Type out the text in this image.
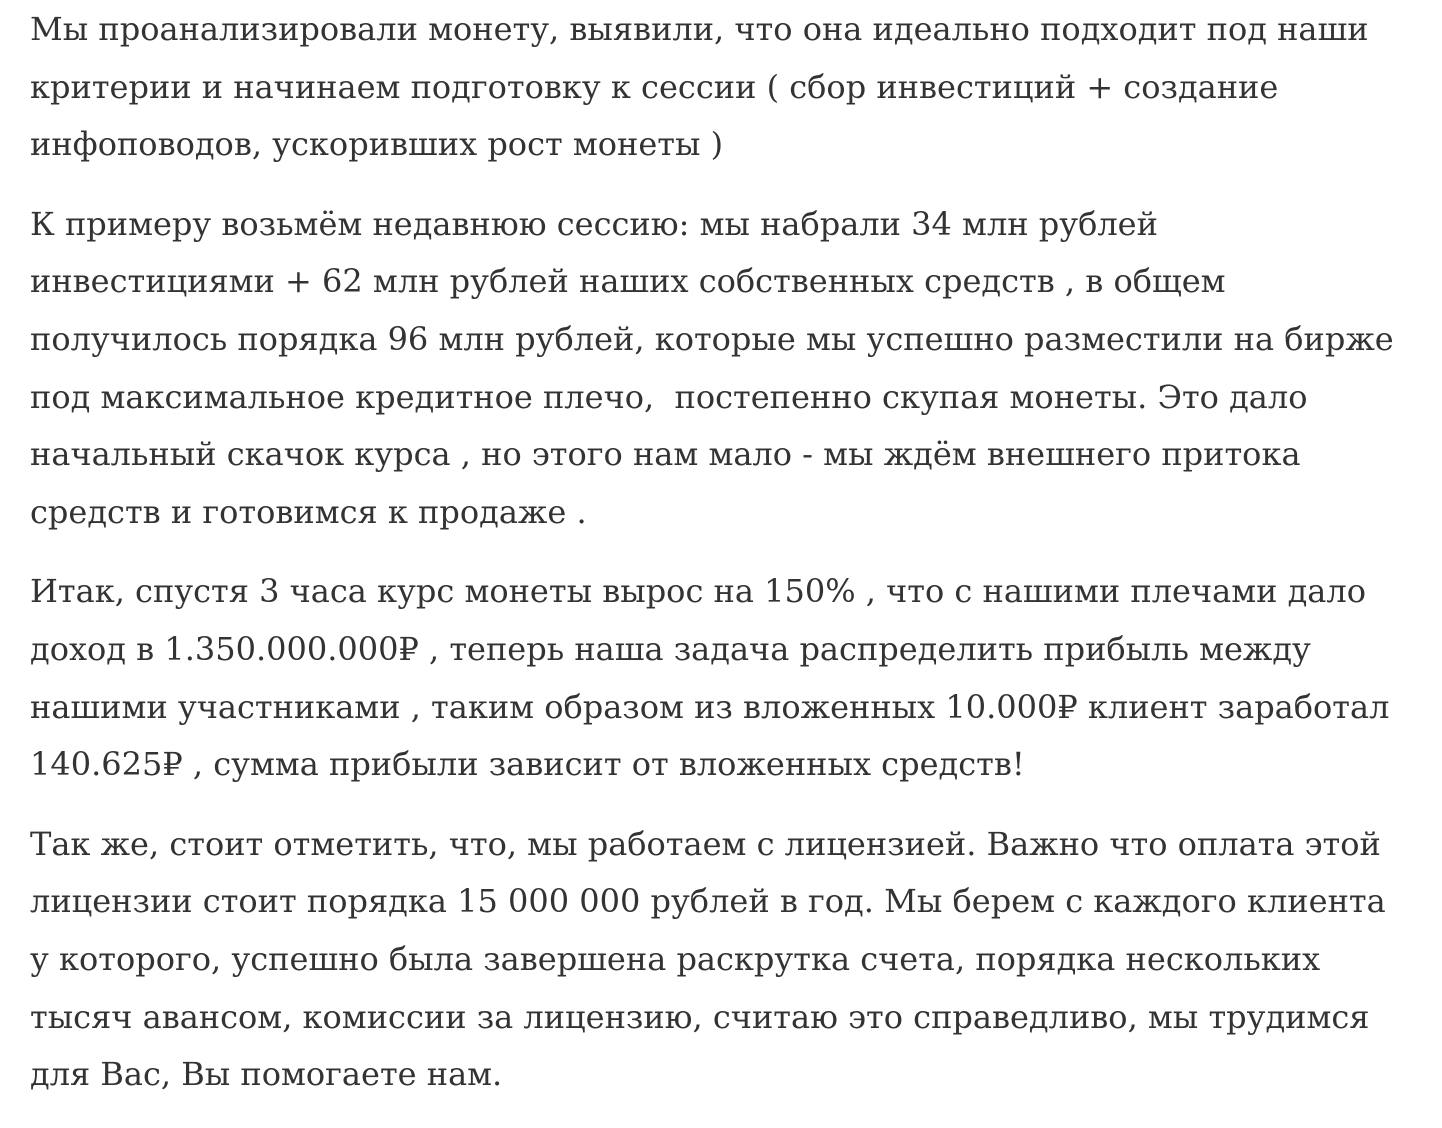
Мы проанализировали монету, выявили, что она идеально подходит под наши критерии и начинаем подготовку к сессии ( сбор инвестиций + создание инфоповодов, ускоривших рост монеты )

К примеру возьмём недавнюю сессию: мы набрали 34 млн рублей инвестициями + 62 млн рублей наших собственных средств , в общем получилось порядка 96 млн рублей, которые мы успешно разместили на бирже под максимальное кредитное плечо,  постепенно скупая монеты. Это дало начальный скачок курса , но этого нам мало - мы ждём внешнего притока средств и готовимся к продаже .

Итак, спустя 3 часа курс монеты вырос на 150% , что с нашими плечами дало доход в 1.350.000.000₽ , теперь наша задача распределить прибыль между нашими участниками , таким образом из вложенных 10.000₽ клиент заработал 140.625₽ , сумма прибыли зависит от вложенных средств!

Так же, стоит отметить, что, мы работаем с лицензией. Важно что оплата этой лицензии стоит порядка 15 000 000 рублей в год. Мы берем с каждого клиента у которого, успешно была завершена раскрутка счета, порядка нескольких тысяч авансом, комиссии за лицензию, считаю это справедливо, мы трудимся для Вас, Вы помогаете нам.
